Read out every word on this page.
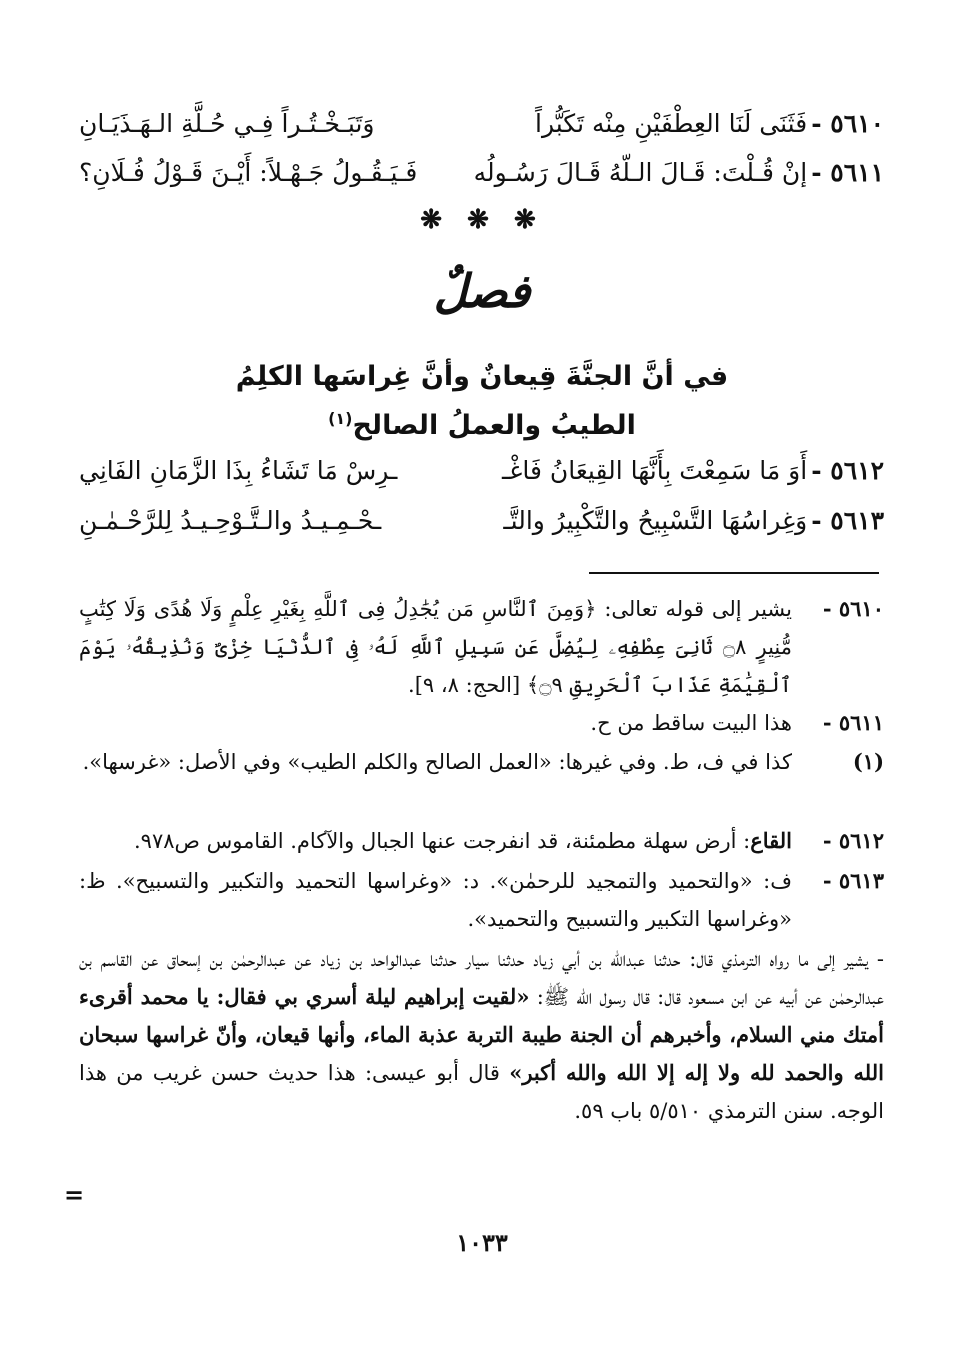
٥٦١٠ -
فَثَنَى لَنَا العِطْفَيْنِ مِنْه تَكَبُّراً
وَتَبَـخْـتُـراً فِـي حُـلَّةِ الـهَـذَيَـانِ
٥٦١١ -
إنْ قُـلْتَ: قَـالَ الـلّهُ قَـالَ رَسُـولُه
فَـيَـقُـولُ جَـهْـلاً: أَيْـنَ قَـوْلُ فُـلَانِ؟
❋ ❋ ❋
فصلٌ
في أنَّ الجنَّةَ قِيعانٌ وأنَّ غِراسَها الكلِمُ
الطيبُ والعملُ الصالح$^{(١)}$
٥٦١٢ -
أَوَ مَا سَمِعْتَ بِأَنَّهَا القِيعَانُ فَاغْـ
ـرِسْ مَا تَشَاءُ بِذَا الزَّمَانِ الفَانِي
٥٦١٣ -
وَغِراسُهَا التَّسْبِيحُ والتَّكْبِيرُ والتَّـ
ـحْـمِـيـدُ والـتَّـوْحِـيـدُ لِلرَّحْـمٰـنِ
٥٦١٠ -
يشير إلى قوله تعالى: ﴿وَمِنَ ٱلنَّاسِ مَن يُجَٰدِلُ فِى ٱللَّهِ بِغَيْرِ عِلْمٍ وَلَا هُدًى وَلَا كِتَٰبٍ مُّنِيرٍ ۝٨ ثَانِىَ عِطْفِهِۦ لِيُضِلَّ عَن سَبِيلِ ٱللَّهِ لَهُۥ فِى ٱلدُّنْيَا خِزْىٌ وَنُذِيقُهُۥ يَوْمَ ٱلْقِيَٰمَةِ عَذَابَ ٱلْحَرِيقِ ۝٩﴾ [الحج: ٨، ٩].
٥٦١١ -
هذا البيت ساقط من ح.
(١)
كذا في ف، ط. وفي غيرها: «العمل الصالح والكلم الطيب» وفي الأصل: «غرسها».
٥٦١٢ -
القاع: أرض سهلة مطمئنة، قد انفرجت عنها الجبال والآكام. القاموس ص٩٧٨.
٥٦١٣ -
ف: «والتحميد والتمجيد للرحمٰن». د: «وغراسها التحميد والتكبير والتسبيح». ظ: «وغراسها التكبير والتسبيح والتحميد».
- يشير إلى ما رواه الترمذي قال: حدثنا عبدالله بن أبي زياد حدثنا سيار حدثنا عبدالواحد بن زياد عن عبدالرحمٰن بن إسحاق عن القاسم بن عبدالرحمٰن عن أبيه عن ابن مسعود قال: قال رسول الله ﷺ: «لقيت إبراهيم ليلة أسري بي فقال: يا محمد أقرىء أمتك مني السلام، وأخبرهم أن الجنة طيبة التربة عذبة الماء، وأنها قيعان، وأنّ غراسها سبحان الله والحمد لله ولا إله إلا الله والله أكبر» قال أبو عيسى: هذا حديث حسن غريب من هذا الوجه. سنن الترمذي ٥/٥١٠ باب ٥٩.
=
١٠٣٣
